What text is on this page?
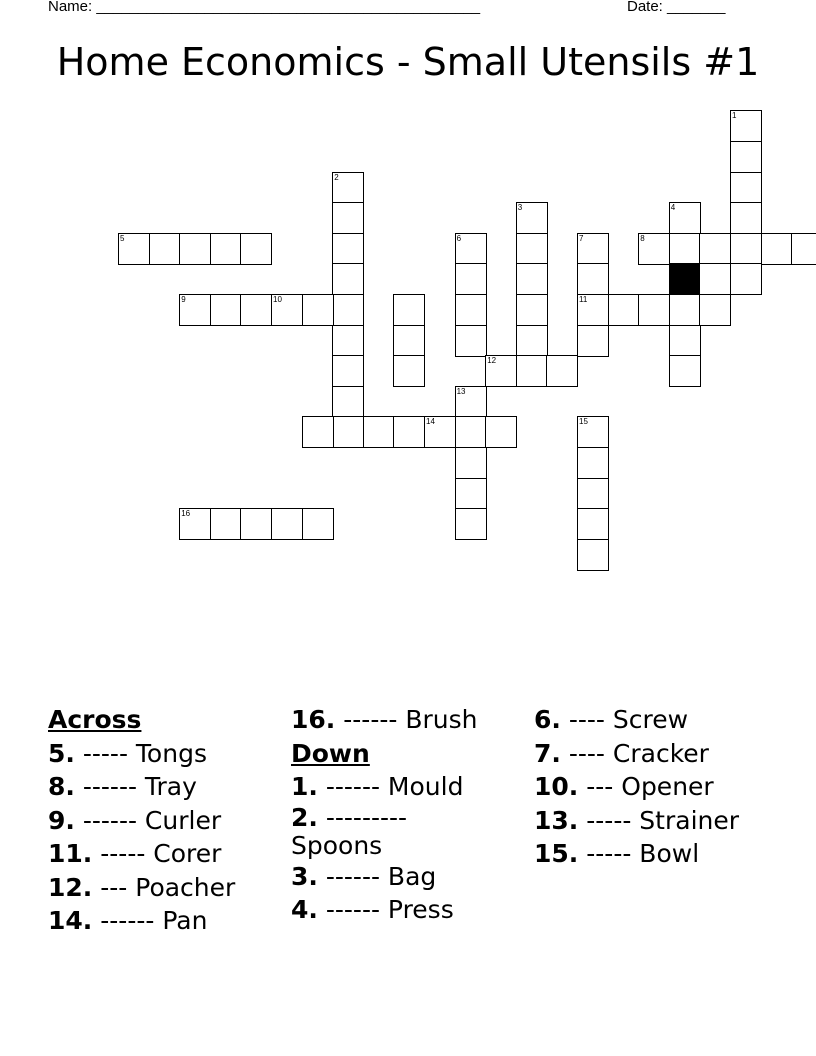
Name: ______________________________________________	Date: _______
Home Economics - Small Utensils #1
1
2
3	4
5	6	7	8
9	10	11
12
13
14	15
16
Across
5. ----- Tongs
8. ------ Tray
9. ------ Curler
11. ----- Corer
12. --- Poacher
14. ------ Pan
16. ------ Brush
Down
1. ------ Mould
2. ---------
Spoons
3. ------ Bag
4. ------ Press
6. ---- Screw
7. ---- Cracker
10. --- Opener
13. ----- Strainer
15. ----- Bowl
